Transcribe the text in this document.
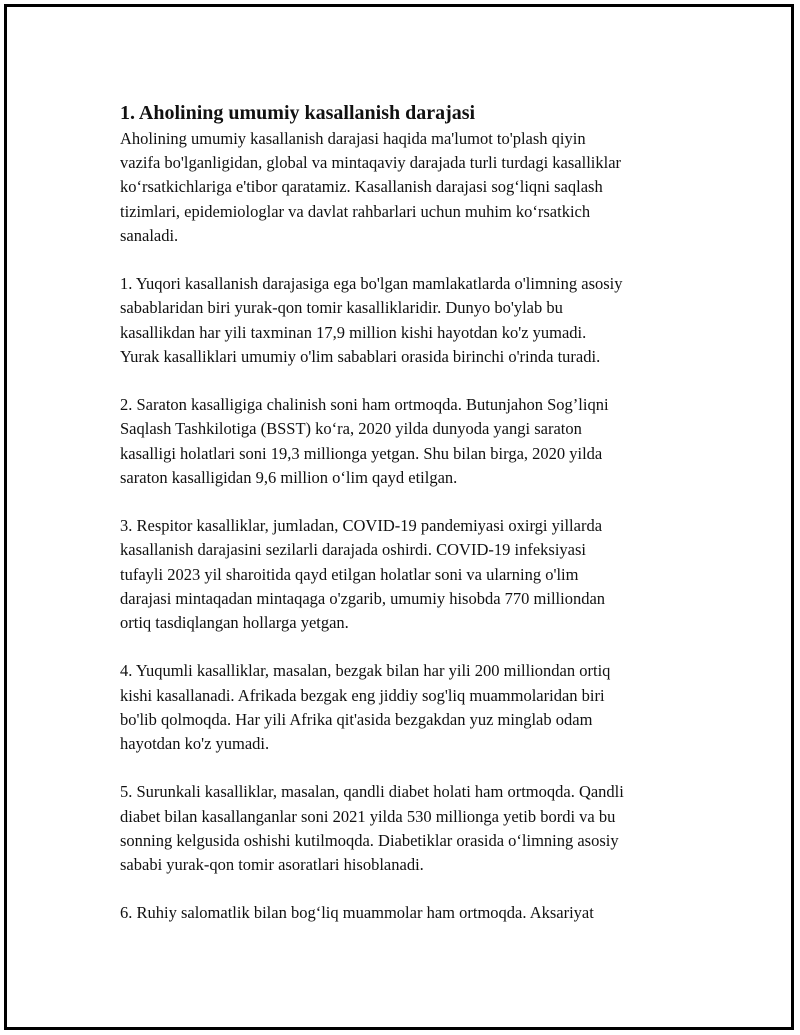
1. Aholining umumiy kasallanish darajasi
Aholining umumiy kasallanish darajasi haqida ma'lumot to'plash qiyin
vazifa bo'lganligidan, global va mintaqaviy darajada turli turdagi kasalliklar
ko‘rsatkichlariga e'tibor qaratamiz. Kasallanish darajasi sog‘liqni saqlash
tizimlari, epidemiologlar va davlat rahbarlari uchun muhim ko‘rsatkich
sanaladi.
1. Yuqori kasallanish darajasiga ega bo'lgan mamlakatlarda o'limning asosiy
sabablaridan biri yurak-qon tomir kasalliklaridir. Dunyo bo'ylab bu
kasallikdan har yili taxminan 17,9 million kishi hayotdan ko'z yumadi.
Yurak kasalliklari umumiy o'lim sabablari orasida birinchi o'rinda turadi.
2. Saraton kasalligiga chalinish soni ham ortmoqda. Butunjahon Sog’liqni
Saqlash Tashkilotiga (BSST) ko‘ra, 2020 yilda dunyoda yangi saraton
kasalligi holatlari soni 19,3 millionga yetgan. Shu bilan birga, 2020 yilda
saraton kasalligidan 9,6 million o‘lim qayd etilgan.
3. Respitor kasalliklar, jumladan, COVID-19 pandemiyasi oxirgi yillarda
kasallanish darajasini sezilarli darajada oshirdi. COVID-19 infeksiyasi
tufayli 2023 yil sharoitida qayd etilgan holatlar soni va ularning o'lim
darajasi mintaqadan mintaqaga o'zgarib, umumiy hisobda 770 milliondan
ortiq tasdiqlangan hollarga yetgan.
4. Yuqumli kasalliklar, masalan, bezgak bilan har yili 200 milliondan ortiq
kishi kasallanadi. Afrikada bezgak eng jiddiy sog'liq muammolaridan biri
bo'lib qolmoqda. Har yili Afrika qit'asida bezgakdan yuz minglab odam
hayotdan ko'z yumadi.
5. Surunkali kasalliklar, masalan, qandli diabet holati ham ortmoqda. Qandli
diabet bilan kasallanganlar soni 2021 yilda 530 millionga yetib bordi va bu
sonning kelgusida oshishi kutilmoqda. Diabetiklar orasida o‘limning asosiy
sababi yurak-qon tomir asoratlari hisoblanadi.
6. Ruhiy salomatlik bilan bog‘liq muammolar ham ortmoqda. Aksariyat
